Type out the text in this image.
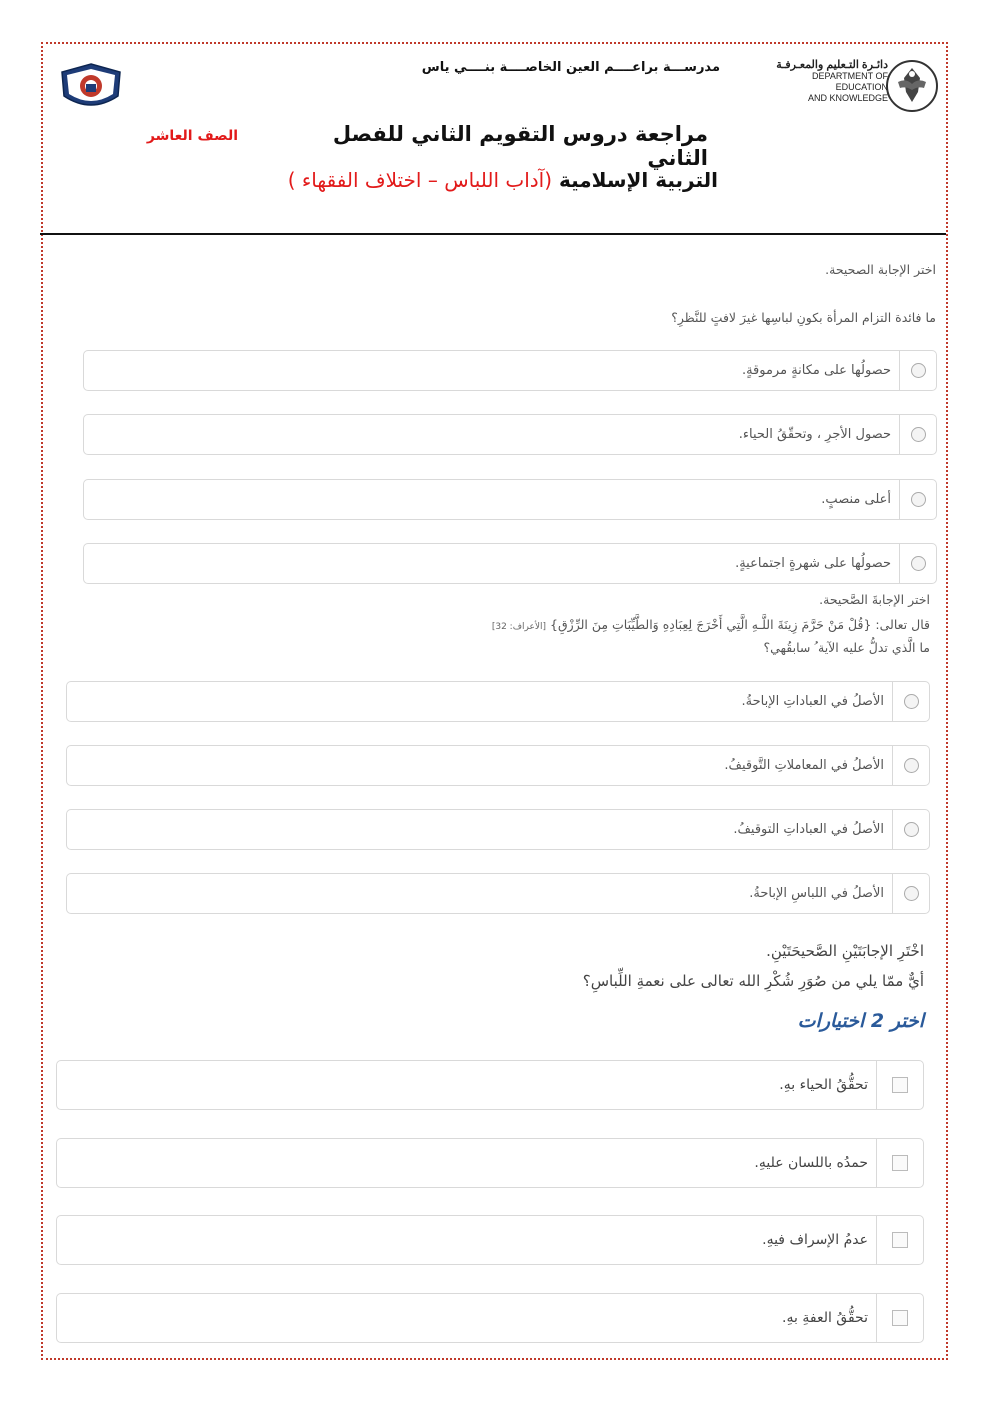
دائـرة التـعليم والمعـرفـة
DEPARTMENT OF EDUCATION
AND KNOWLEDGE
مدرســـة براعــــم العين الخاصــــة بنــــي ياس
مراجعة دروس التقويم الثاني للفصل الثاني
الصف العاشر
التربية الإسلامية (آداب اللباس – اختلاف الفقهاء )
اختر الإجابة الصحيحة.
ما فائدة التزام المرأة بكونِ لباسِها غيرَ لافتٍ للنَّظرِ؟
حصولُها على مكانةٍ مرموقةٍ.
حصول الأجرِ ، وتحقّقُ الحياء.
أعلى منصبٍ.
حصولُها على شهرةٍ اجتماعيةٍ.
اختر الإجابةَ الصَّحيحة.
قال تعالى: {قُلْ مَنْ حَرَّمَ زِينَةَ اللَّـهِ الَّتِي أَخْرَجَ لِعِبَادِهِ وَالطَّيِّبَاتِ مِنَ الرِّزْقِ} [الأعراف: 32]
ما الَّذي تدلُّ عليه الآية ُ سابقُهي؟
الأصلُ في العباداتِ الإباحةُ.
الأصلُ في المعاملاتِ التَّوقيفُ.
الأصلُ في العباداتِ التوقيفُ.
الأصلُ في اللباسِ الإباحةُ.
اخْتَرِ الإجابَتَيْنِ الصَّحيحَتَيْنِ.
أيٌّ ممّا يلي من صُوَرِ شُكْرِ الله تعالى على نعمةِ اللِّباسِ؟
اختر 2 اختيارات
تحقُّقُ الحياء بهِ.
حمدُه باللسان عليهِ.
عدمُ الإسراف فيهِ.
تحقُّقُ العفةِ بهِ.
